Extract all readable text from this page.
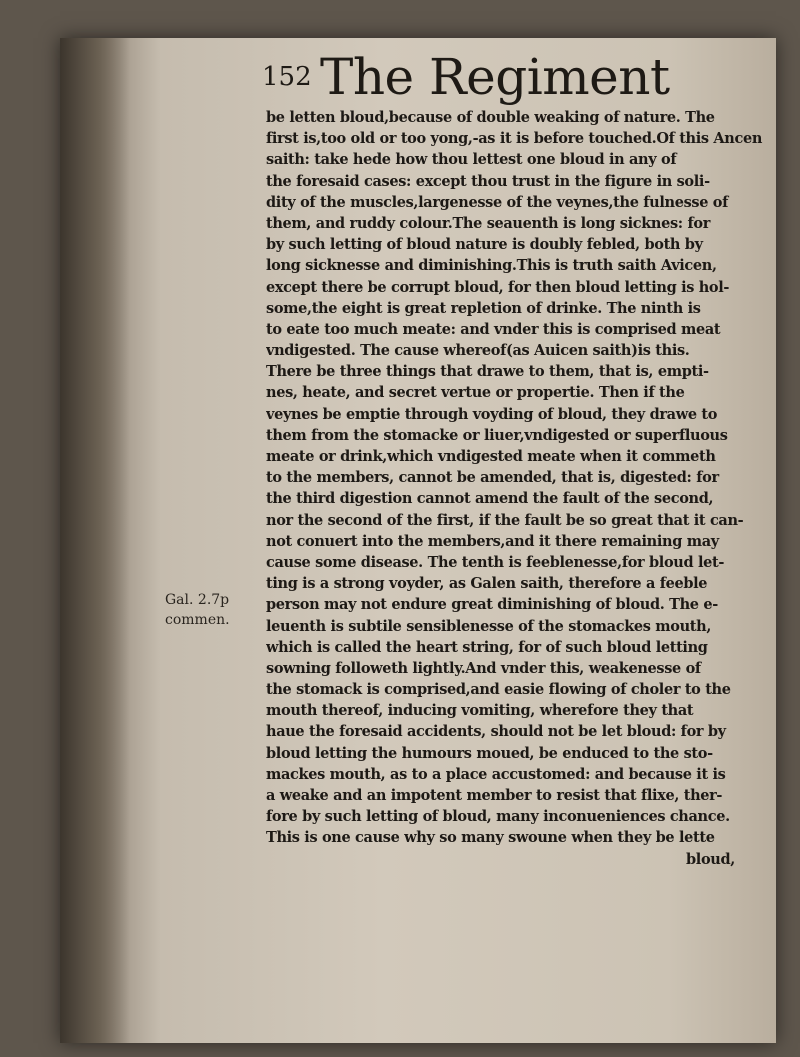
152 The Regiment
Gal. 2.7p
commen.
be letten bloud,because of double weaking of nature. The
first is,too old or too yong,-as it is before touched.Of this Ancen
saith: take hede how thou lettest one bloud in any of
the foresaid cases: except thou trust in the figure in soli-
dity of the muscles,largenesse of the veynes,the fulnesse of
them, and ruddy colour.The seauenth is long sicknes: for
by such letting of bloud nature is doubly febled, both by
long sicknesse and diminishing.This is truth saith Avicen,
except there be corrupt bloud, for then bloud letting is hol-
some,the eight is great repletion of drinke. The ninth is
to eate too much meate: and vnder this is comprised meat
vndigested. The cause whereof(as Auicen saith)is this.
There be three things that drawe to them, that is, empti-
nes, heate, and secret vertue or propertie. Then if the
veynes be emptie through voyding of bloud, they drawe to
them from the stomacke or liuer,vndigested or superfluous
meate or drink,which vndigested meate when it commeth
to the members, cannot be amended, that is, digested: for
the third digestion cannot amend the fault of the second,
nor the second of the first, if the fault be so great that it can-
not conuert into the members,and it there remaining may
cause some disease. The tenth is feeblenesse,for bloud let-
ting is a strong voyder, as Galen saith, therefore a feeble
person may not endure great diminishing of bloud. The e-
leuenth is subtile sensiblenesse of the stomackes mouth,
which is called the heart string, for of such bloud letting
sowning followeth lightly.And vnder this, weakenesse of
the stomack is comprised,and easie flowing of choler to the
mouth thereof, inducing vomiting, wherefore they that
haue the foresaid accidents, should not be let bloud: for by
bloud letting the humours moued, be enduced to the sto-
mackes mouth, as to a place accustomed: and because it is
a weake and an impotent member to resist that flixe, ther-
fore by such letting of bloud, many inconueniences chance.
This is one cause why so many swoune when they be lette
bloud,
